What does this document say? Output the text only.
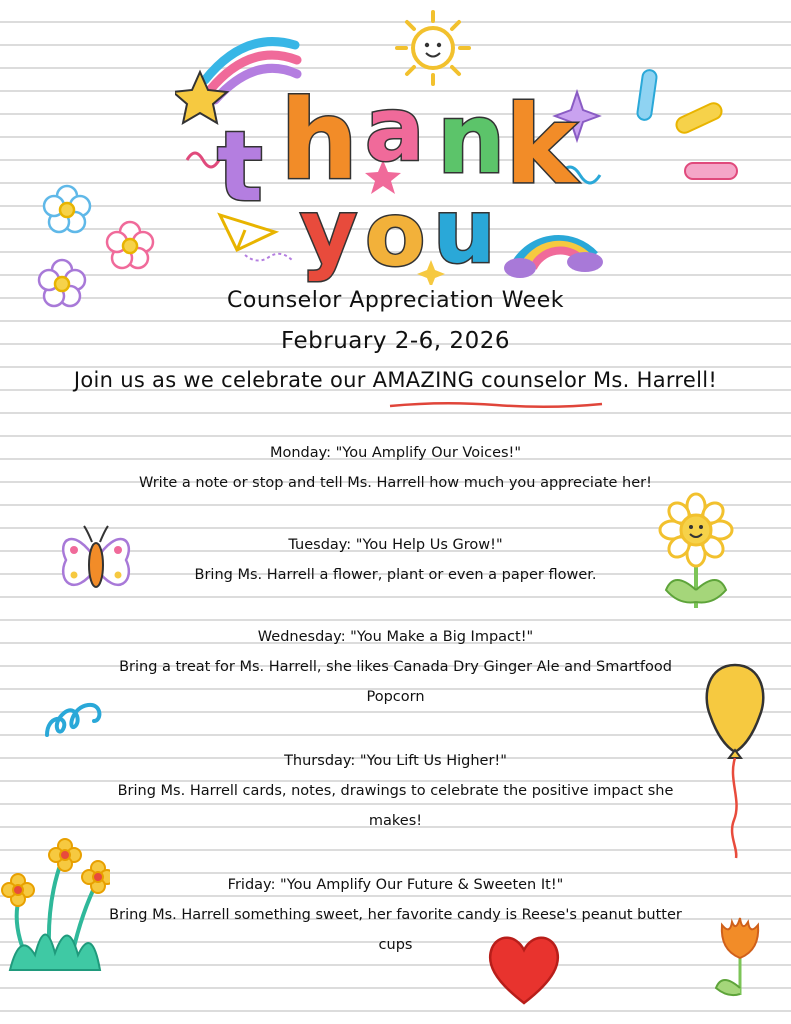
t h a n k
y o u
Counselor Appreciation Week
February 2-6, 2026
Join us as we celebrate our AMAZING counselor Ms. Harrell!
Monday: "You Amplify Our Voices!"
Write a note or stop and tell Ms. Harrell how much you appreciate her!
Tuesday: "You Help Us Grow!"
Bring Ms. Harrell a flower, plant or even a paper flower.
Wednesday: "You Make a Big Impact!"
Bring a treat for Ms. Harrell, she likes Canada Dry Ginger Ale and Smartfood Popcorn
Thursday: "You Lift Us Higher!"
Bring Ms. Harrell cards, notes, drawings to celebrate the positive impact she makes!
Friday: "You Amplify Our Future & Sweeten It!"
Bring Ms. Harrell something sweet, her favorite candy is Reese's peanut butter cups
